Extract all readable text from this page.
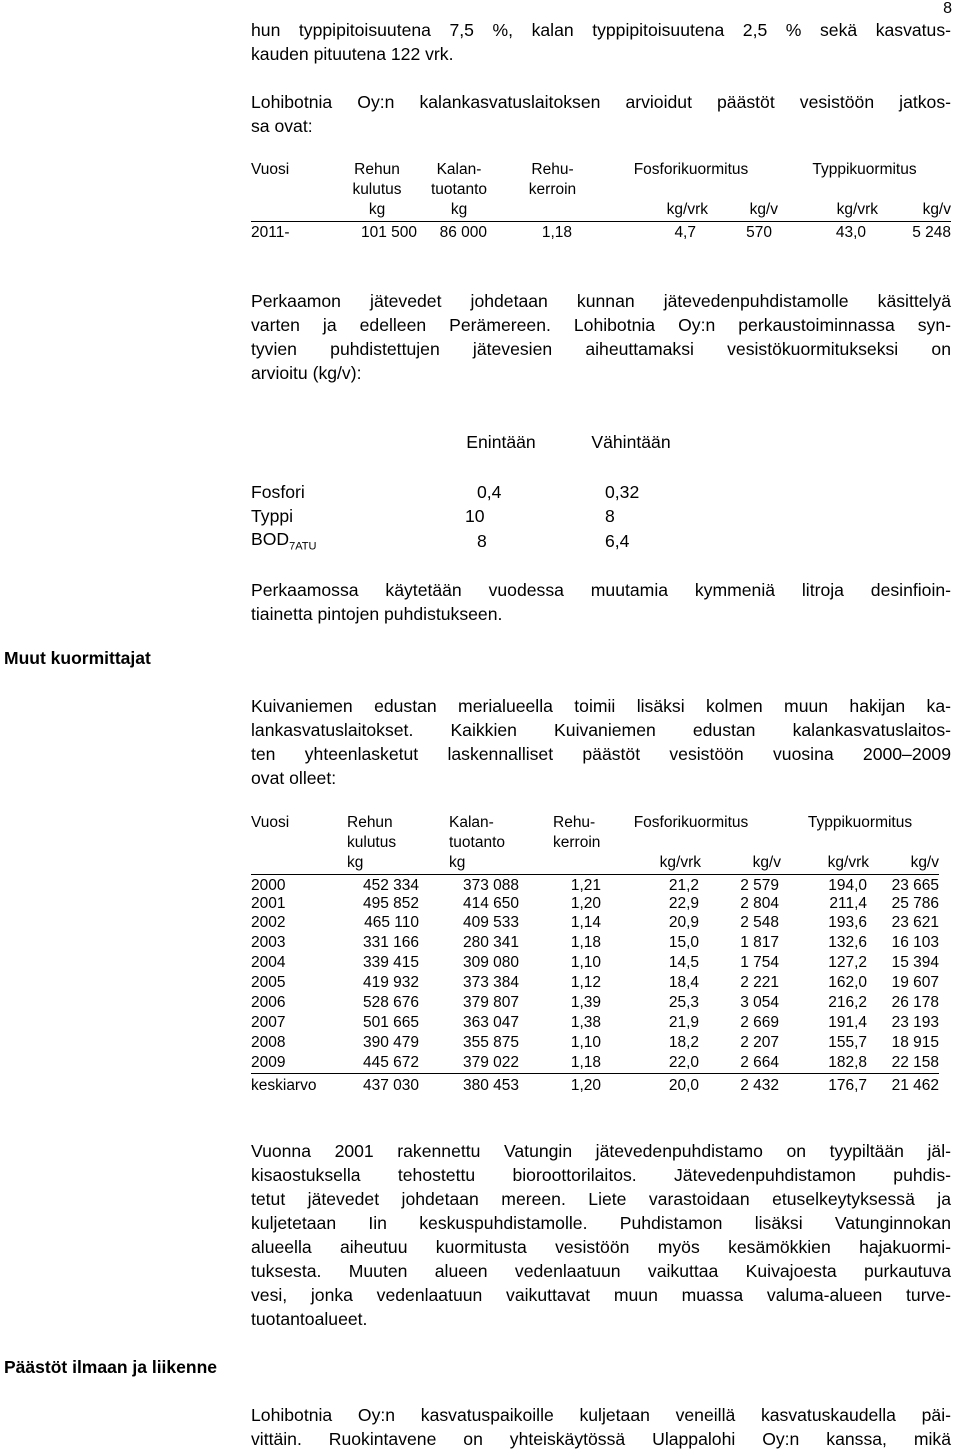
8

hun typpipitoisuutena 7,5 %, kalan typpipitoisuutena 2,5 % sekä kasvatus-
kauden pituutena 122 vrk.

Lohibotnia Oy:n kalankasvatuslaitoksen arvioidut päästöt vesistöön jatkos-
sa ovat:

Vuosi	Rehun	Kalan-	Rehu-	Fosforikuormitus		Typpikuormitus	
	kulutus	tuotanto	kerroin				
	kg	kg		kg/vrk	kg/v	kg/vrk	kg/v
2011-	101 500	86 000	1,18	4,7	570	43,0	5 248

Perkaamon jätevedet johdetaan kunnan jätevedenpuhdistamolle käsittelyä
varten ja edelleen Perämereen. Lohibotnia Oy:n perkaustoiminnassa syn-
tyvien puhdistettujen jätevesien aiheuttamaksi vesistökuormitukseksi on
arvioitu (kg/v):

	Enintään	Vähintään
Fosfori	0,4	0,32
Typpi	10	8
$BOD_{7ATU}$	8	6,4

Perkaamossa käytetään vuodessa muutamia kymmeniä litroja desinfioin-
tiainetta pintojen puhdistukseen.

Muut kuormittajat

Kuivaniemen edustan merialueella toimii lisäksi kolmen muun hakijan ka-
lankasvatuslaitokset. Kaikkien Kuivaniemen edustan kalankasvatuslaitos-
ten yhteenlasketut laskennalliset päästöt vesistöön vuosina 2000–2009
ovat olleet:

Vuosi	Rehun	Kalan-	Rehu-	Fosforikuormitus		Typpikuormitus	
	kulutus	tuotanto	kerroin				
	kg	kg		kg/vrk	kg/v	kg/vrk	kg/v
2000	452 334	373 088	1,21	21,2	2 579	194,0	23 665
2001	495 852	414 650	1,20	22,9	2 804	211,4	25 786
2002	465 110	409 533	1,14	20,9	2 548	193,6	23 621
2003	331 166	280 341	1,18	15,0	1 817	132,6	16 103
2004	339 415	309 080	1,10	14,5	1 754	127,2	15 394
2005	419 932	373 384	1,12	18,4	2 221	162,0	19 607
2006	528 676	379 807	1,39	25,3	3 054	216,2	26 178
2007	501 665	363 047	1,38	21,9	2 669	191,4	23 193
2008	390 479	355 875	1,10	18,2	2 207	155,7	18 915
2009	445 672	379 022	1,18	22,0	2 664	182,8	22 158
keskiarvo	437 030	380 453	1,20	20,0	2 432	176,7	21 462

Vuonna 2001 rakennettu Vatungin jätevedenpuhdistamo on tyypiltään jäl-
kisaostuksella tehostettu bioroottorilaitos. Jätevedenpuhdistamon puhdis-
tetut jätevedet johdetaan mereen. Liete varastoidaan etuselkeytyksessä ja
kuljetetaan Iin keskuspuhdistamolle. Puhdistamon lisäksi Vatunginnokan
alueella aiheutuu kuormitusta vesistöön myös kesämökkien hajakuormi-
tuksesta. Muuten alueen vedenlaatuun vaikuttaa Kuivajoesta purkautuva
vesi, jonka vedenlaatuun vaikuttavat muun muassa valuma-alueen turve-
tuotantoalueet.

Päästöt ilmaan ja liikenne

Lohibotnia Oy:n kasvatuspaikoille kuljetaan veneillä kasvatuskaudella päi-
vittäin. Ruokintavene on yhteiskäytössä Ulappalohi Oy:n kanssa, mikä
